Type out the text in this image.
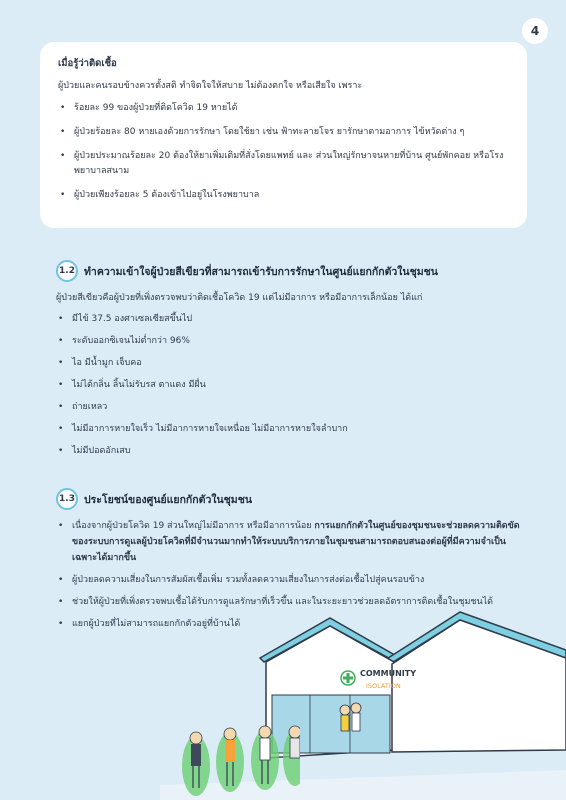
4

เมื่อรู้ว่าติดเชื้อ

ผู้ป่วยและคนรอบข้างควรตั้งสติ ทำจิตใจให้สบาย ไม่ต้องตกใจ หรือเสียใจ เพราะ

• ร้อยละ 99 ของผู้ป่วยที่ติดโควิด 19 หายได้
• ผู้ป่วยร้อยละ 80 หายเองด้วยการรักษา โดยใช้ยา เช่น ฟ้าทะลายโจร ยารักษาตามอาการ ไข้หวัดต่าง ๆ
• ผู้ป่วยประมาณร้อยละ 20 ต้องให้ยาเพิ่มเติมที่สั่งโดยแพทย์ และ ส่วนใหญ่รักษาจนหายที่บ้าน ศูนย์พักคอย หรือโรงพยาบาลสนาม
• ผู้ป่วยเพียงร้อยละ 5 ต้องเข้าไปอยู่ในโรงพยาบาล
1.2 ทำความเข้าใจผู้ป่วยสีเขียวที่สามารถเข้ารับการรักษาในศูนย์แยกกักตัวในชุมชน

ผู้ป่วยสีเขียวคือผู้ป่วยที่เพิ่งตรวจพบว่าติดเชื้อโควิด 19 แต่ไม่มีอาการ หรือมีอาการเล็กน้อย ได้แก่

• มีไข้ 37.5 องศาเซลเซียสขึ้นไป
• ระดับออกซิเจนไม่ต่ำกว่า 96%
• ไอ มีน้ำมูก เจ็บคอ
• ไม่ได้กลิ่น ลิ้นไม่รับรส ตาแดง มีผื่น
• ถ่ายเหลว
• ไม่มีอาการหายใจเร็ว ไม่มีอาการหายใจเหนื่อย ไม่มีอาการหายใจลำบาก
• ไม่มีปอดอักเสบ
1.3 ประโยชน์ของศูนย์แยกกักตัวในชุมชน
• เนื่องจากผู้ป่วยโควิด 19 ส่วนใหญ่ไม่มีอาการ หรือมีอาการน้อย การแยกกักตัวในศูนย์ของชุมชนจะช่วยลดความติดขัดของระบบการดูแลผู้ป่วยโควิดที่มีจำนวนมากทำให้ระบบบริการภายในชุมชนสามารถตอบสนองต่อผู้ที่มีความจำเป็นเฉพาะได้มากขึ้น
• ผู้ป่วยลดความเสี่ยงในการสัมผัสเชื้อเพิ่ม รวมทั้งลดความเสี่ยงในการส่งต่อเชื้อไปสู่คนรอบข้าง
• ช่วยให้ผู้ป่วยที่เพิ่งตรวจพบเชื้อได้รับการดูแลรักษาที่เร็วขึ้น และในระยะยาวช่วยลดอัตราการติดเชื้อในชุมชนได้
• แยกผู้ป่วยที่ไม่สามารถแยกกักตัวอยู่ที่บ้านได้
COMMUNITY
ISOLATION
